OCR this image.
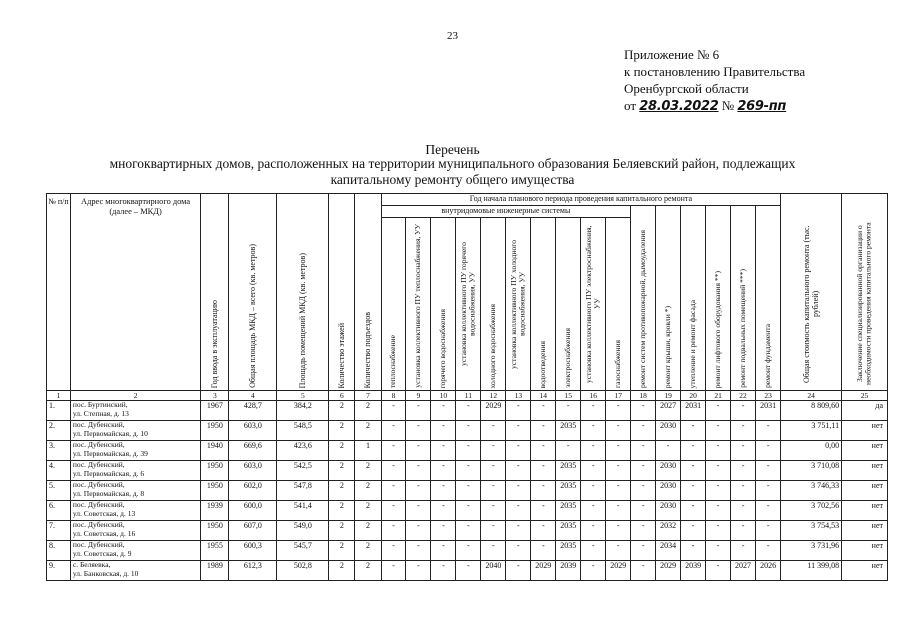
23
Приложение № 6
к постановлению Правительства
Оренбургской области
от 28.03.2022 № 269-пп
Перечень
многоквартирных домов, расположенных на территории муниципального образования Беляевский район, подлежащих
капитальному ремонту общего имущества
№ п/п	Адрес многоквартирного дома (далее – МКД)	Год ввода в эксплуатацию	Общая площадь МКД – всего (кв. метров)	Площадь помещений МКД (кв. метров)	Количество этажей	Количество подъездов	Год начала планового периода проведения капитального ремонта																Общая стоимость капитального ремонта (тыс. рублей)	Заключение специализированной организации о необходимости проведения капитального ремонта

							внутридомовые инженерные системы										ремонт систем противопожарной, дымоудаления	ремонт крыши, кровли *)	утепление и ремонт фасада	ремонт лифтового оборудования **)	ремонт подвальных помещений ***)	ремонт фундамента		

							теплоснабжение	установка коллективного ПУ теплоснабжения, УУ	горячего водоснабжения	установка коллективного ПУ горячего водоснабжения, УУ	холодного водоснабжения	установка коллективного ПУ холодного водоснабжения, УУ	водоотведения	электроснабжения	установка коллективного ПУ электроснабжения, УУ	газоснабжения								

1	2	3	4	5	6	7	8	9	10	11	12	13	14	15	16	17	18	19	20	21	22	23	24	25
1.	пос. Буртинский,
ул. Степная, д. 13	1967	428,7	384,2	2	2	-	-	-	-	2029	-	-	-	-	-	-	2027	2031	-	-	2031	8 809,60	да
2.	пос. Дубенский,
ул. Первомайская, д. 10	1950	603,0	548,5	2	2	-	-	-	-	-	-	-	2035	-	-	-	2030	-	-	-	-	3 751,11	нет
3.	пос. Дубенский,
ул. Первомайская, д. 39	1940	669,6	423,6	2	1	-	-	-	-	-	-	-	-	-	-	-	-	-	-	-	-	0,00	нет
4.	пос. Дубенский,
ул. Первомайская, д. 6	1950	603,0	542,5	2	2	-	-	-	-	-	-	-	2035	-	-	-	2030	-	-	-	-	3 710,08	нет
5.	пос. Дубенский,
ул. Первомайская, д. 8	1950	602,0	547,8	2	2	-	-	-	-	-	-	-	2035	-	-	-	2030	-	-	-	-	3 746,33	нет
6.	пос. Дубенский,
ул. Советская, д. 13	1939	600,0	541,4	2	2	-	-	-	-	-	-	-	2035	-	-	-	2030	-	-	-	-	3 702,56	нет
7.	пос. Дубенский,
ул. Советская, д. 16	1950	607,0	549,0	2	2	-	-	-	-	-	-	-	2035	-	-	-	2032	-	-	-	-	3 754,53	нет
8.	пос. Дубенский,
ул. Советская, д. 9	1955	600,3	545,7	2	2	-	-	-	-	-	-	-	2035	-	-	-	2034	-	-	-	-	3 731,96	нет
9.	с. Беляевка,
ул. Банковская, д. 10	1989	612,3	502,8	2	2	-	-	-	-	2040	-	2029	2039	-	2029	-	2029	2039	-	2027	2026	11 399,08	нет
